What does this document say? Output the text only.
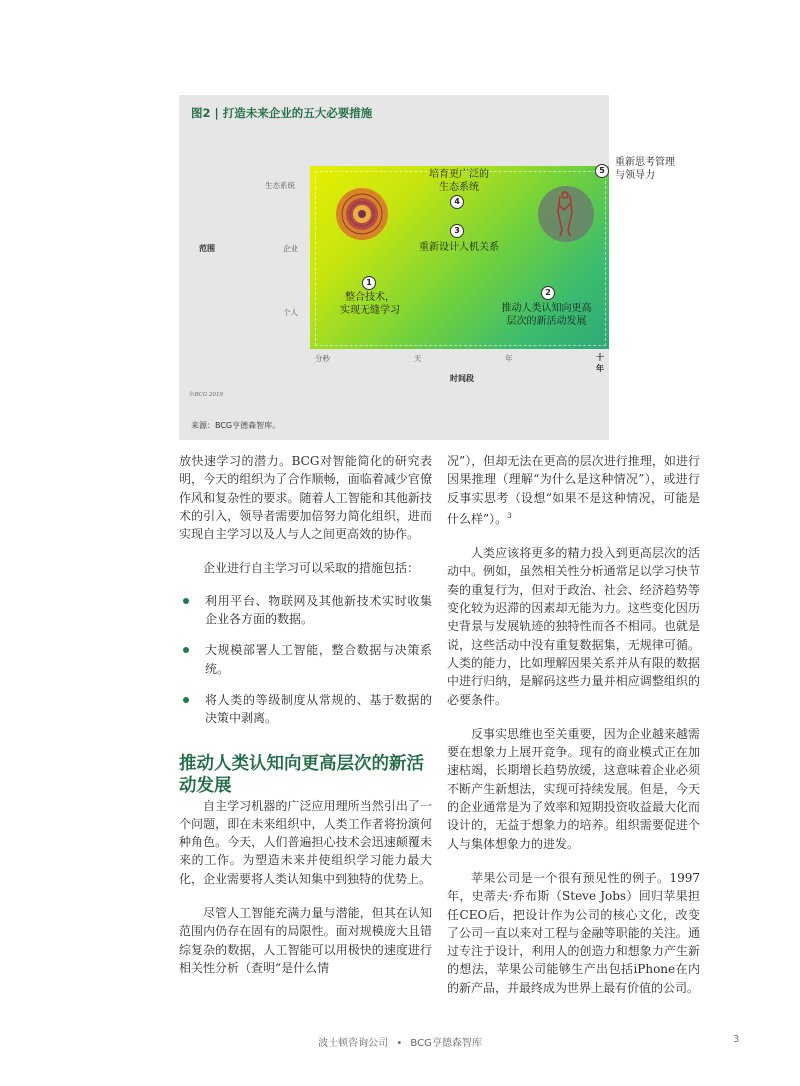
图2 | 打造未来企业的五大必要措施
范围
生态系统
企业
个人
分秒	天	年	十年
时间段
1
整合技术，
实现无缝学习
2
推动人类认知向更高
层次的新活动发展
3
重新设计人机关系
培育更广泛的
生态系统
4
5
重新思考管理
与领导力
©BCG 2019
来源：BCG亨德森智库。

放快速学习的潜力。BCG对智能简化的研究表明，今天的组织为了合作顺畅，面临着减少官僚作风和复杂性的要求。随着人工智能和其他新技术的引入，领导者需要加倍努力简化组织，进而实现自主学习以及人与人之间更高效的协作。

企业进行自主学习可以采取的措施包括：

利用平台、物联网及其他新技术实时收集企业各方面的数据。
大规模部署人工智能，整合数据与决策系统。
将人类的等级制度从常规的、基于数据的决策中剥离。
推动人类认知向更高层次的新活动发展

自主学习机器的广泛应用理所当然引出了一个问题，即在未来组织中，人类工作者将扮演何种角色。今天，人们普遍担心技术会迅速颠覆未来的工作。为塑造未来并使组织学习能力最大化，企业需要将人类认知集中到独特的优势上。

尽管人工智能充满力量与潜能，但其在认知范围内仍存在固有的局限性。面对规模庞大且错综复杂的数据，人工智能可以用极快的速度进行相关性分析（查明“是什么情

况”），但却无法在更高的层次进行推理，如进行因果推理（理解“为什么是这种情况”），或进行反事实思考（设想“如果不是这种情况，可能是什么样”）。$^3$

人类应该将更多的精力投入到更高层次的活动中。例如，虽然相关性分析通常足以学习快节奏的重复行为，但对于政治、社会、经济趋势等变化较为迟滞的因素却无能为力。这些变化因历史背景与发展轨迹的独特性而各不相同。也就是说，这些活动中没有重复数据集，无规律可循。人类的能力，比如理解因果关系并从有限的数据中进行归纳，是解码这些力量并相应调整组织的必要条件。

反事实思维也至关重要，因为企业越来越需要在想象力上展开竞争。现有的商业模式正在加速枯竭，长期增长趋势放缓，这意味着企业必须不断产生新想法，实现可持续发展。但是，今天的企业通常是为了效率和短期投资收益最大化而设计的，无益于想象力的培养。组织需要促进个人与集体想象力的进发。

苹果公司是一个很有预见性的例子。1997年，史蒂夫·乔布斯（Steve Jobs）回归苹果担任CEO后，把设计作为公司的核心文化，改变了公司一直以来对工程与金融等职能的关注。通过专注于设计，利用人的创造力和想象力产生新的想法，苹果公司能够生产出包括iPhone在内的新产品，并最终成为世界上最有价值的公司。

波士顿咨询公司 • BCG亨德森智库	3
